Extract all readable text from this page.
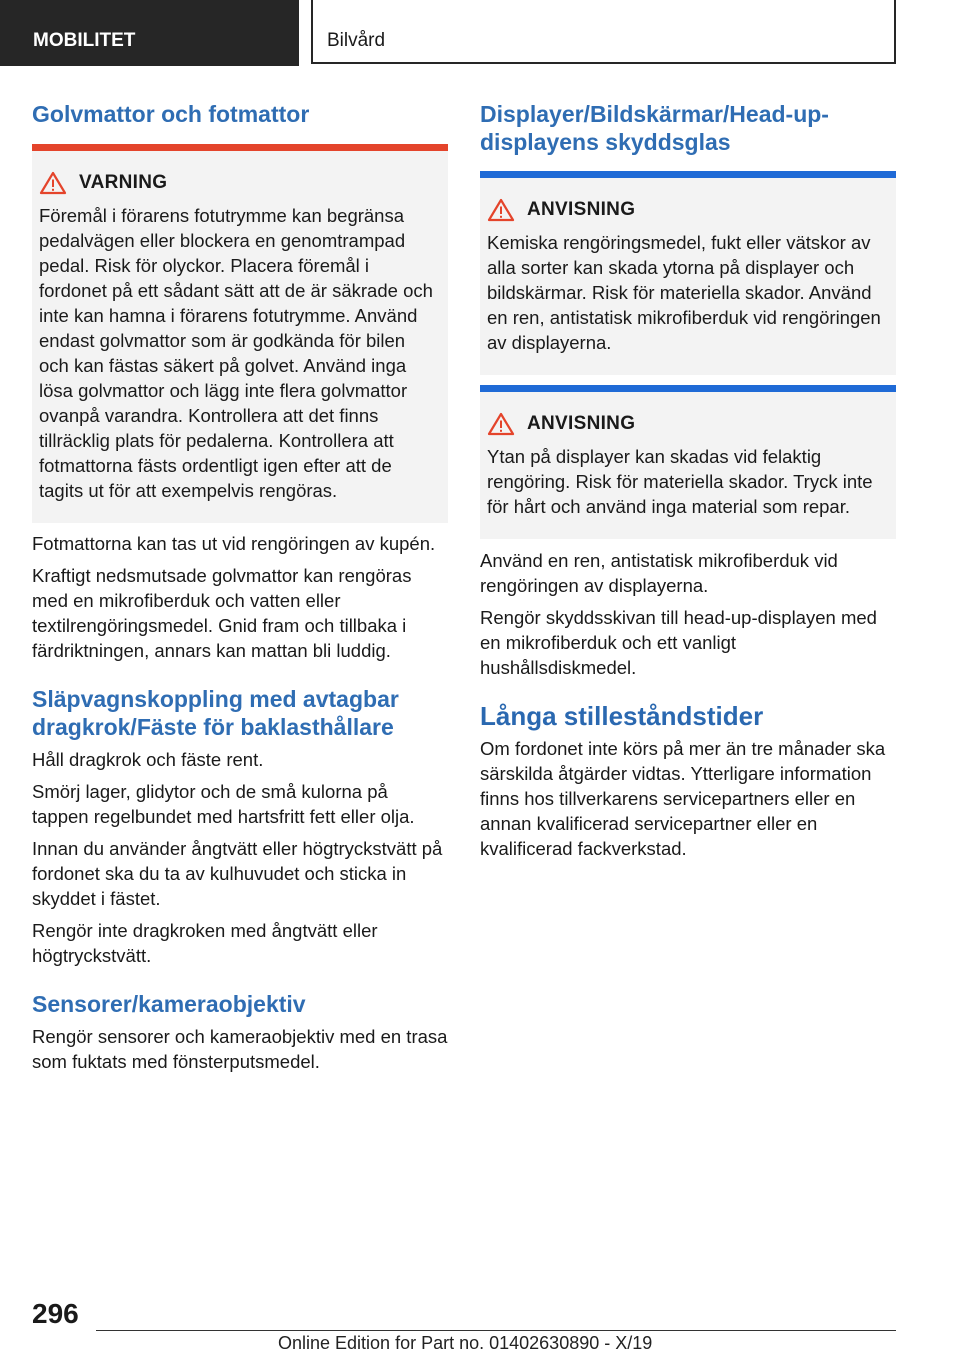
MOBILITET	Bilvård
Golvmattor och fotmattor
VARNING

Föremål i förarens fotutrymme kan begränsa pedalvägen eller blockera en genomtrampad pedal. Risk för olyckor. Placera föremål i fordonet på ett sådant sätt att de är säkrade och inte kan hamna i förarens fotutrymme. Använd endast golvmattor som är godkända för bilen och kan fästas säkert på golvet. Använd inga lösa golvmattor och lägg inte flera golvmattor ovanpå varandra. Kontrollera att det finns tillräcklig plats för pedalerna. Kontrollera att fotmattorna fästs ordentligt igen efter att de tagits ut för att exempelvis rengöras.

Fotmattorna kan tas ut vid rengöringen av kupén.

Kraftigt nedsmutsade golvmattor kan rengöras med en mikrofiberduk och vatten eller textilrengöringsmedel. Gnid fram och tillbaka i färdriktningen, annars kan mattan bli luddig.

Släpvagnskoppling med avtagbar dragkrok/Fäste för baklasthållare

Håll dragkrok och fäste rent.

Smörj lager, glidytor och de små kulorna på tappen regelbundet med hartsfritt fett eller olja.

Innan du använder ångtvätt eller högtryckstvätt på fordonet ska du ta av kulhuvudet och sticka in skyddet i fästet.

Rengör inte dragkroken med ångtvätt eller högtryckstvätt.

Sensorer/kameraobjektiv

Rengör sensorer och kameraobjektiv med en trasa som fuktats med fönsterputsmedel.

Displayer/Bildskärmar/Head-up-displayens skyddsglas
ANVISNING

Kemiska rengöringsmedel, fukt eller vätskor av alla sorter kan skada ytorna på displayer och bildskärmar. Risk för materiella skador. Använd en ren, antistatisk mikrofiberduk vid rengöringen av displayerna.

ANVISNING

Ytan på displayer kan skadas vid felaktig rengöring. Risk för materiella skador. Tryck inte för hårt och använd inga material som repar.

Använd en ren, antistatisk mikrofiberduk vid rengöringen av displayerna.

Rengör skyddsskivan till head-up-displayen med en mikrofiberduk och ett vanligt hushållsdiskmedel.

Långa stilleståndstider

Om fordonet inte körs på mer än tre månader ska särskilda åtgärder vidtas. Ytterligare information finns hos tillverkarens servicepartners eller en annan kvalificerad servicepartner eller en kvalificerad fackverkstad.

296
Online Edition for Part no. 01402630890 - X/19
